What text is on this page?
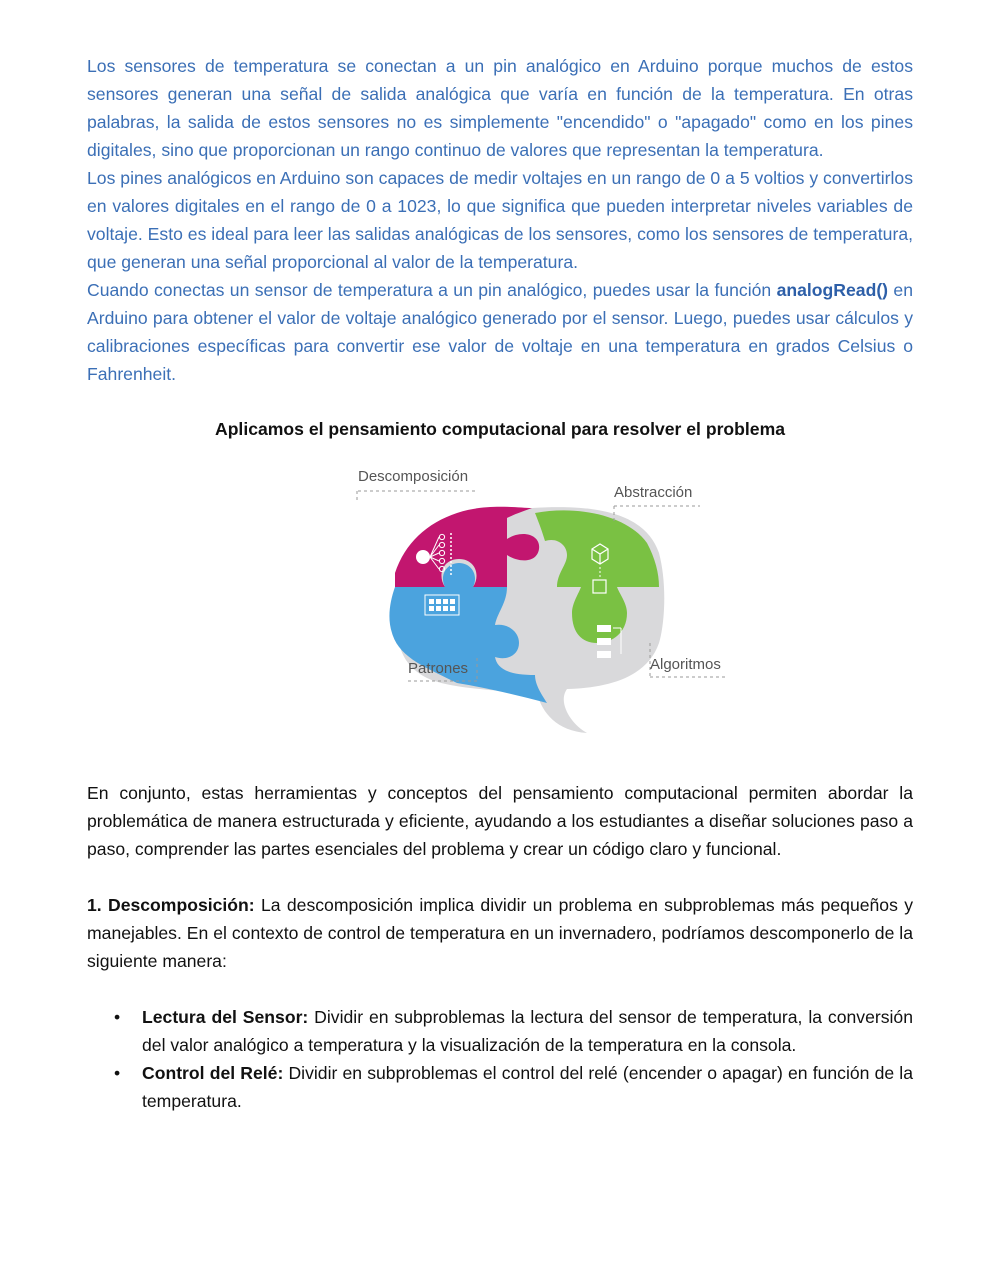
Los sensores de temperatura se conectan a un pin analógico en Arduino porque muchos de estos sensores generan una señal de salida analógica que varía en función de la temperatura. En otras palabras, la salida de estos sensores no es simplemente "encendido" o "apagado" como en los pines digitales, sino que proporcionan un rango continuo de valores que representan la temperatura.

Los pines analógicos en Arduino son capaces de medir voltajes en un rango de 0 a 5 voltios y convertirlos en valores digitales en el rango de 0 a 1023, lo que significa que pueden interpretar niveles variables de voltaje. Esto es ideal para leer las salidas analógicas de los sensores, como los sensores de temperatura, que generan una señal proporcional al valor de la temperatura.

Cuando conectas un sensor de temperatura a un pin analógico, puedes usar la función analogRead() en Arduino para obtener el valor de voltaje analógico generado por el sensor. Luego, puedes usar cálculos y calibraciones específicas para convertir ese valor de voltaje en una temperatura en grados Celsius o Fahrenheit.

Aplicamos el pensamiento computacional para resolver el problema
Descomposición
Abstracción
Patrones	Algoritmos

En conjunto, estas herramientas y conceptos del pensamiento computacional permiten abordar la problemática de manera estructurada y eficiente, ayudando a los estudiantes a diseñar soluciones paso a paso, comprender las partes esenciales del problema y crear un código claro y funcional.

1. Descomposición: La descomposición implica dividir un problema en subproblemas más pequeños y manejables. En el contexto de control de temperatura en un invernadero, podríamos descomponerlo de la siguiente manera:

• Lectura del Sensor: Dividir en subproblemas la lectura del sensor de temperatura, la conversión del valor analógico a temperatura y la visualización de la temperatura en la consola.
• Control del Relé: Dividir en subproblemas el control del relé (encender o apagar) en función de la temperatura.
